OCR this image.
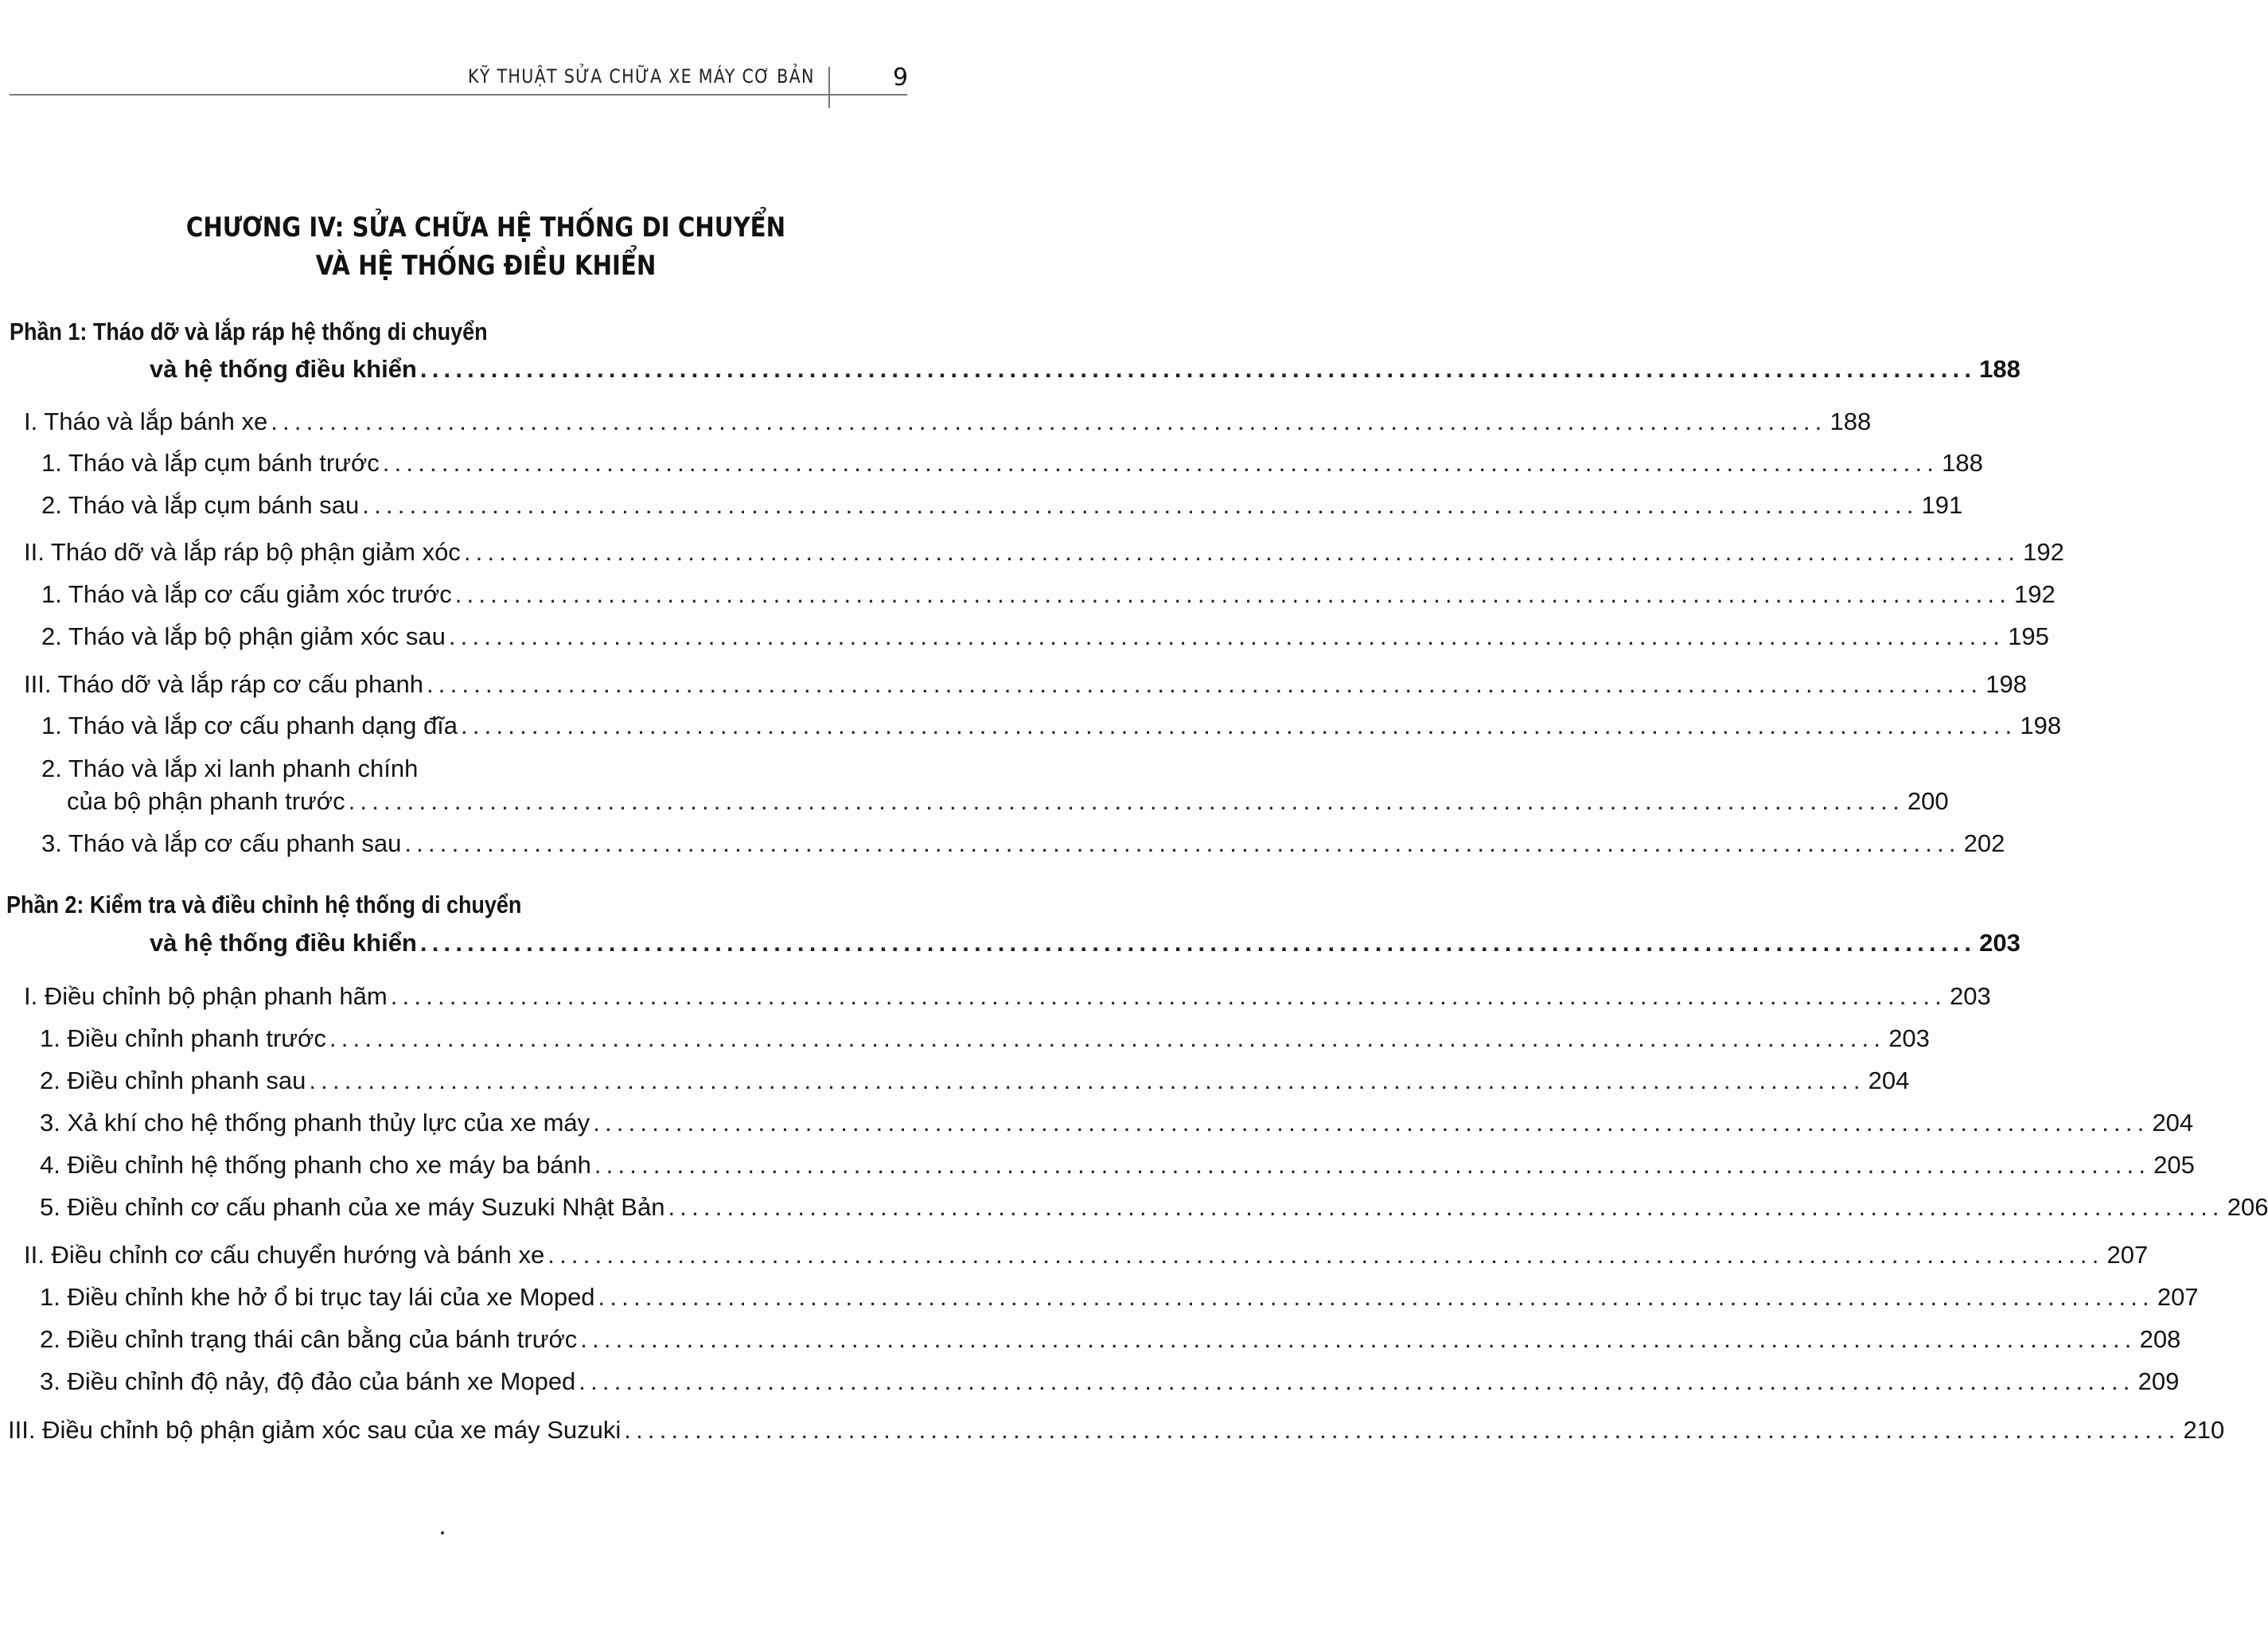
KỸ THUẬT SỬA CHỮA XE MÁY CƠ BẢN	9
CHƯƠNG IV: SỬA CHỮA HỆ THỐNG DI CHUYỂN
VÀ HỆ THỐNG ĐIỀU KHIỂN
Phần 1: Tháo dỡ và lắp ráp hệ thống di chuyển
và hệ thống điều khiển .................................................................................................................................... 188
I. Tháo và lắp bánh xe .................................................................................................................................... 188
1. Tháo và lắp cụm bánh trước .................................................................................................................................... 188
2. Tháo và lắp cụm bánh sau .................................................................................................................................... 191
II. Tháo dỡ và lắp ráp bộ phận giảm xóc .................................................................................................................................... 192
1. Tháo và lắp cơ cấu giảm xóc trước .................................................................................................................................... 192
2. Tháo và lắp bộ phận giảm xóc sau .................................................................................................................................... 195
III. Tháo dỡ và lắp ráp cơ cấu phanh .................................................................................................................................... 198
1. Tháo và lắp cơ cấu phanh dạng đĩa .................................................................................................................................... 198
2. Tháo và lắp xi lanh phanh chính
của bộ phận phanh trước .................................................................................................................................... 200
3. Tháo và lắp cơ cấu phanh sau .................................................................................................................................... 202
Phần 2: Kiểm tra và điều chỉnh hệ thống di chuyển
và hệ thống điều khiển .................................................................................................................................... 203
I. Điều chỉnh bộ phận phanh hãm .................................................................................................................................... 203
1. Điều chỉnh phanh trước .................................................................................................................................... 203
2. Điều chỉnh phanh sau .................................................................................................................................... 204
3. Xả khí cho hệ thống phanh thủy lực của xe máy .................................................................................................................................... 204
4. Điều chỉnh hệ thống phanh cho xe máy ba bánh .................................................................................................................................... 205
5. Điều chỉnh cơ cấu phanh của xe máy Suzuki Nhật Bản .................................................................................................................................... 206
II. Điều chỉnh cơ cấu chuyển hướng và bánh xe .................................................................................................................................... 207
1. Điều chỉnh khe hở ổ bi trục tay lái của xe Moped .................................................................................................................................... 207
2. Điều chỉnh trạng thái cân bằng của bánh trước .................................................................................................................................... 208
3. Điều chỉnh độ nảy, độ đảo của bánh xe Moped .................................................................................................................................... 209
III. Điều chỉnh bộ phận giảm xóc sau của xe máy Suzuki .................................................................................................................................... 210
